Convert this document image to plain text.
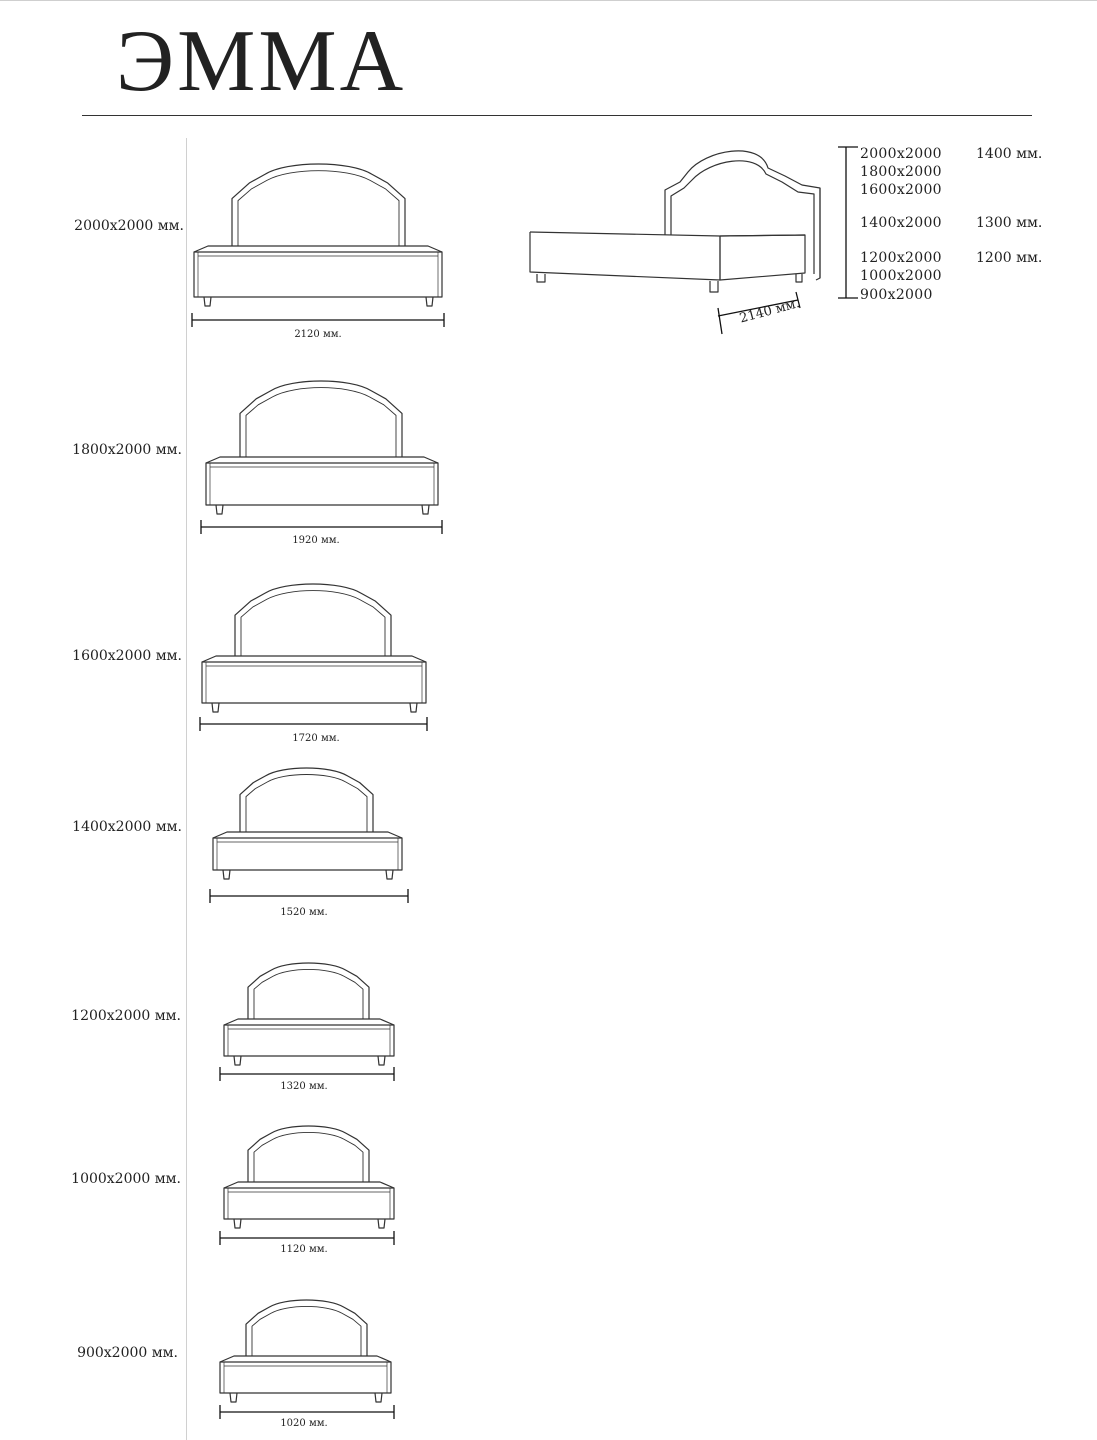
ЭММА
2000x2000 мм.
1800x2000 мм.
1600x2000 мм.
1400x2000 мм.
1200x2000 мм.
1000x2000 мм.
900x2000 мм.
2120 мм.
1920 мм.
1720 мм.
1520 мм.
1320 мм.
1120 мм.
1020 мм.
2140 мм.
2000x2000
1800x2000
1600x2000
1400x2000
1200x2000
1000x2000
900x2000
1400 мм.
1300 мм.
1200 мм.
